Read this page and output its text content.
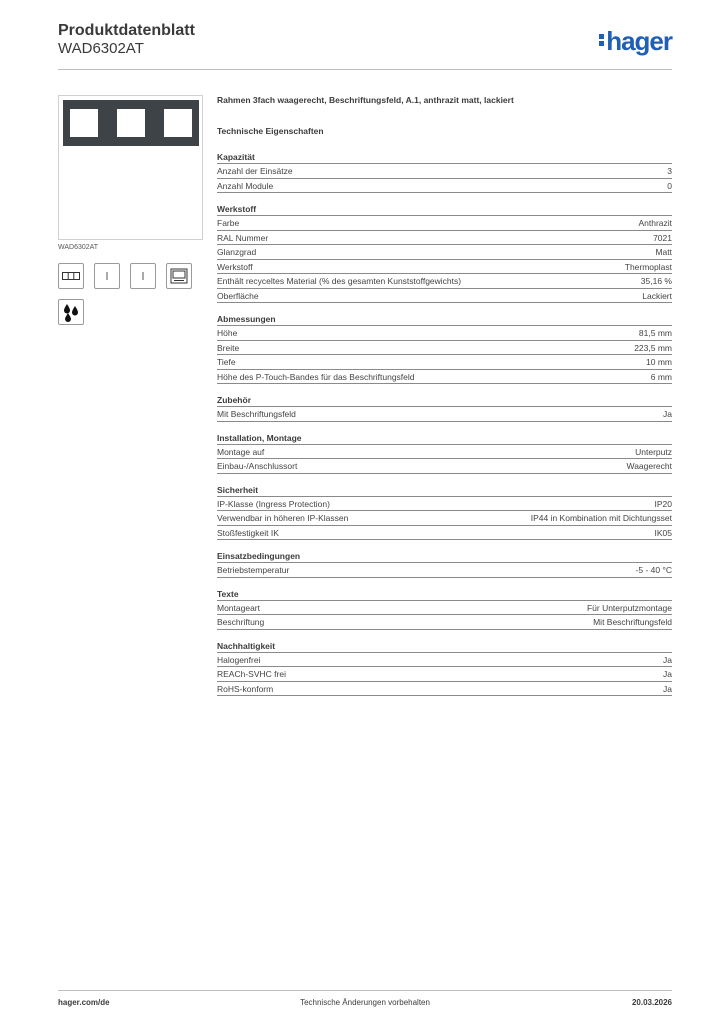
Produktdatenblatt
WAD6302AT	hager
WAD6302AT
Rahmen 3fach waagerecht, Beschriftungsfeld, A.1, anthrazit matt, lackiert
Technische Eigenschaften
Kapazität
Anzahl der Einsätze	3
Anzahl Module	0
Werkstoff
Farbe	Anthrazit
RAL Nummer	7021
Glanzgrad	Matt
Werkstoff	Thermoplast
Enthält recyceltes Material (% des gesamten Kunststoffgewichts)	35,16 %
Oberfläche	Lackiert
Abmessungen
Höhe	81,5 mm
Breite	223,5 mm
Tiefe	10 mm
Höhe des P-Touch-Bandes für das Beschriftungsfeld	6 mm
Zubehör
Mit Beschriftungsfeld	Ja
Installation, Montage
Montage auf	Unterputz
Einbau-/Anschlussort	Waagerecht
Sicherheit
IP-Klasse (Ingress Protection)	IP20
Verwendbar in höheren IP-Klassen	IP44 in Kombination mit Dichtungsset
Stoßfestigkeit IK	IK05
Einsatzbedingungen
Betriebstemperatur	-5 - 40 °C
Texte
Montageart	Für Unterputzmontage
Beschriftung	Mit Beschriftungsfeld
Nachhaltigkeit
Halogenfrei	Ja
REACh-SVHC frei	Ja
RoHS-konform	Ja
hager.com/de	Technische Änderungen vorbehalten	20.03.2026
